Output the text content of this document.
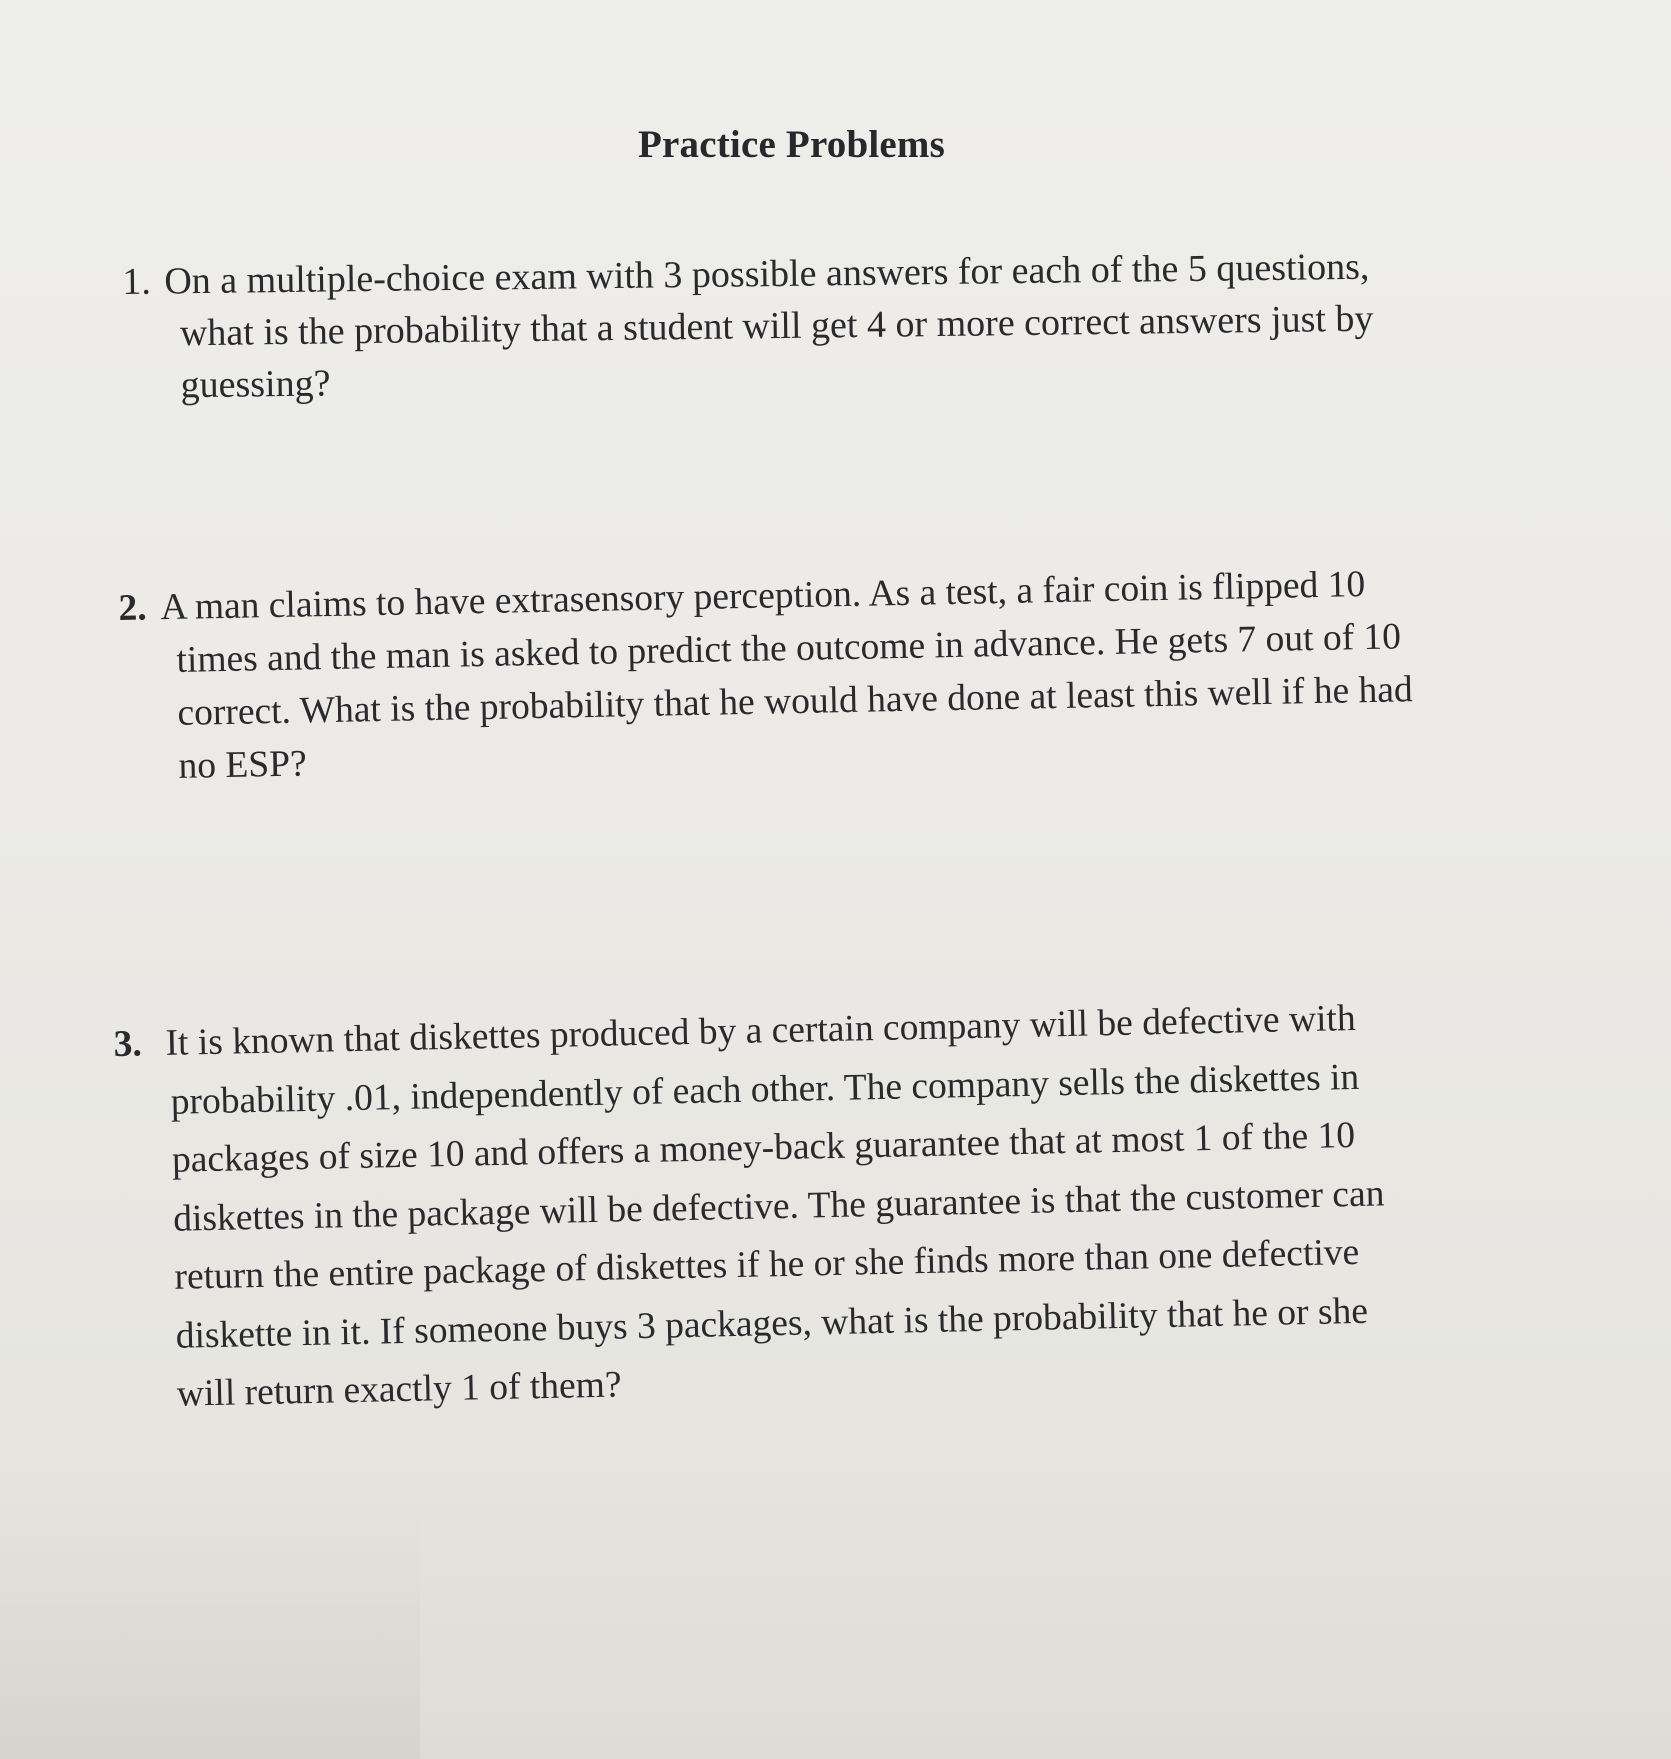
Practice Problems
1. On a multiple-choice exam with 3 possible answers for each of the 5 questions,
what is the probability that a student will get 4 or more correct answers just by
guessing?
2. A man claims to have extrasensory perception. As a test, a fair coin is flipped 10
times and the man is asked to predict the outcome in advance. He gets 7 out of 10
correct. What is the probability that he would have done at least this well if he had
no ESP?
3. It is known that diskettes produced by a certain company will be defective with
probability .01, independently of each other. The company sells the diskettes in
packages of size 10 and offers a money-back guarantee that at most 1 of the 10
diskettes in the package will be defective. The guarantee is that the customer can
return the entire package of diskettes if he or she finds more than one defective
diskette in it. If someone buys 3 packages, what is the probability that he or she
will return exactly 1 of them?
